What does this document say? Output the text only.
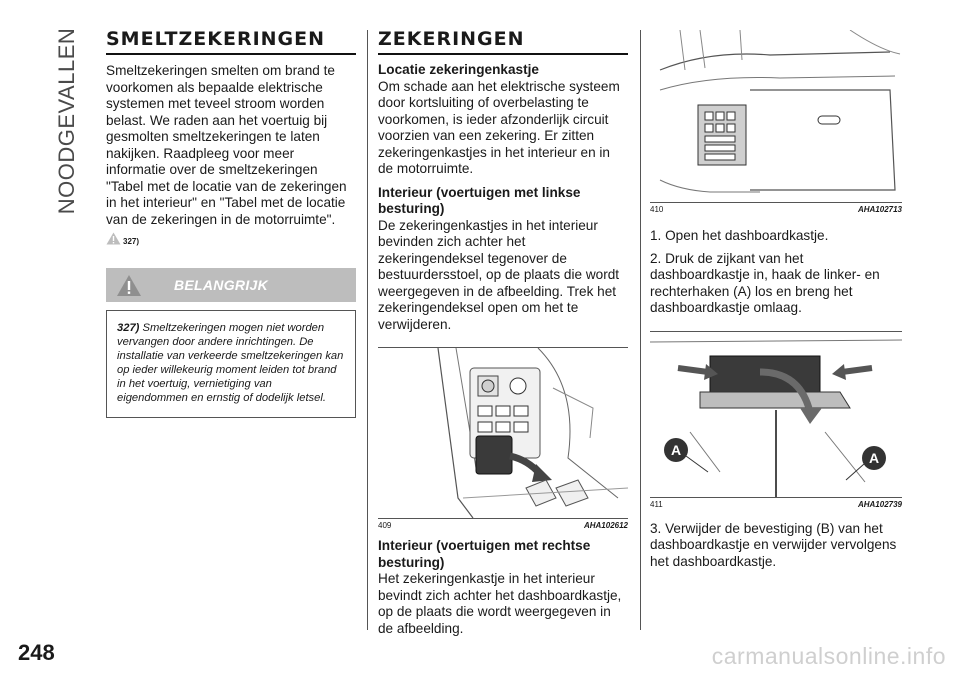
NOODGEVALLEN
248
SMELTZEKERINGEN

Smeltzekeringen smelten om brand te voorkomen als bepaalde elektrische systemen met teveel stroom worden belast. We raden aan het voertuig bij gesmolten smeltzekeringen te laten nakijken. Raadpleeg voor meer informatie over de smeltzekeringen "Tabel met de locatie van de zekeringen in het interieur" en "Tabel met de locatie van de zekeringen in de motorruimte".

327)
BELANGRIJK

327) Smeltzekeringen mogen niet worden vervangen door andere inrichtingen. De installatie van verkeerde smeltzekeringen kan op ieder willekeurig moment leiden tot brand in het voertuig, vernietiging van eigendommen en ernstig of dodelijk letsel.

ZEKERINGEN
Locatie zekeringenkastje

Om schade aan het elektrische systeem door kortsluiting of overbelasting te voorkomen, is ieder afzonderlijk circuit voorzien van een zekering. Er zitten zekeringenkastjes in het interieur en in de motorruimte.

Interieur (voertuigen met linkse besturing)

De zekeringenkastjes in het interieur bevinden zich achter het zekeringendeksel tegenover de bestuurdersstoel, op de plaats die wordt weergegeven in de afbeelding. Trek het zekeringendeksel open om het te verwijderen.

409	AHA102612
Interieur (voertuigen met rechtse besturing)

Het zekeringenkastje in het interieur bevindt zich achter het dashboardkastje, op de plaats die wordt weergegeven in de afbeelding.

410	AHA102713

1. Open het dashboardkastje.

2. Druk de zijkant van het dashboardkastje in, haak de linker- en rechterhaken (A) los en breng het dashboardkastje omlaag.

A	A
411	AHA102739

3. Verwijder de bevestiging (B) van het dashboardkastje en verwijder vervolgens het dashboardkastje.

carmanualsonline.info
